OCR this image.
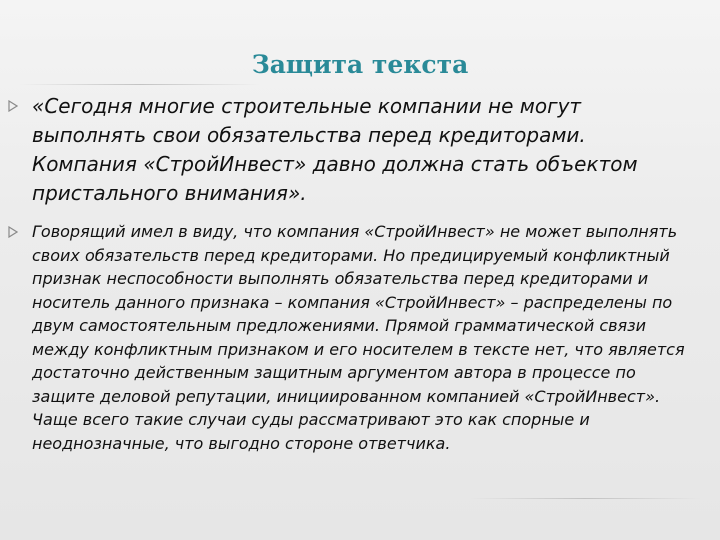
Защита текста

«Сегодня многие строительные компании не могут выполнять свои обязательства перед кредиторами. Компания «СтройИнвест» давно должна стать объектом пристального внимания».

Говорящий имел в виду, что компания «СтройИнвест» не может выполнять своих обязательств перед кредиторами. Но предицируемый конфликтный признак неспособности выполнять обязательства перед кредиторами и носитель данного признака – компания «СтройИнвест» – распределены по двум самостоятельным предложениями. Прямой грамматической связи между конфликтным признаком и его носителем в тексте нет, что является достаточно действенным защитным аргументом автора в процессе по защите деловой репутации, инициированном компанией «СтройИнвест». Чаще всего такие случаи суды рассматривают это как спорные и неоднозначные, что выгодно стороне ответчика.
